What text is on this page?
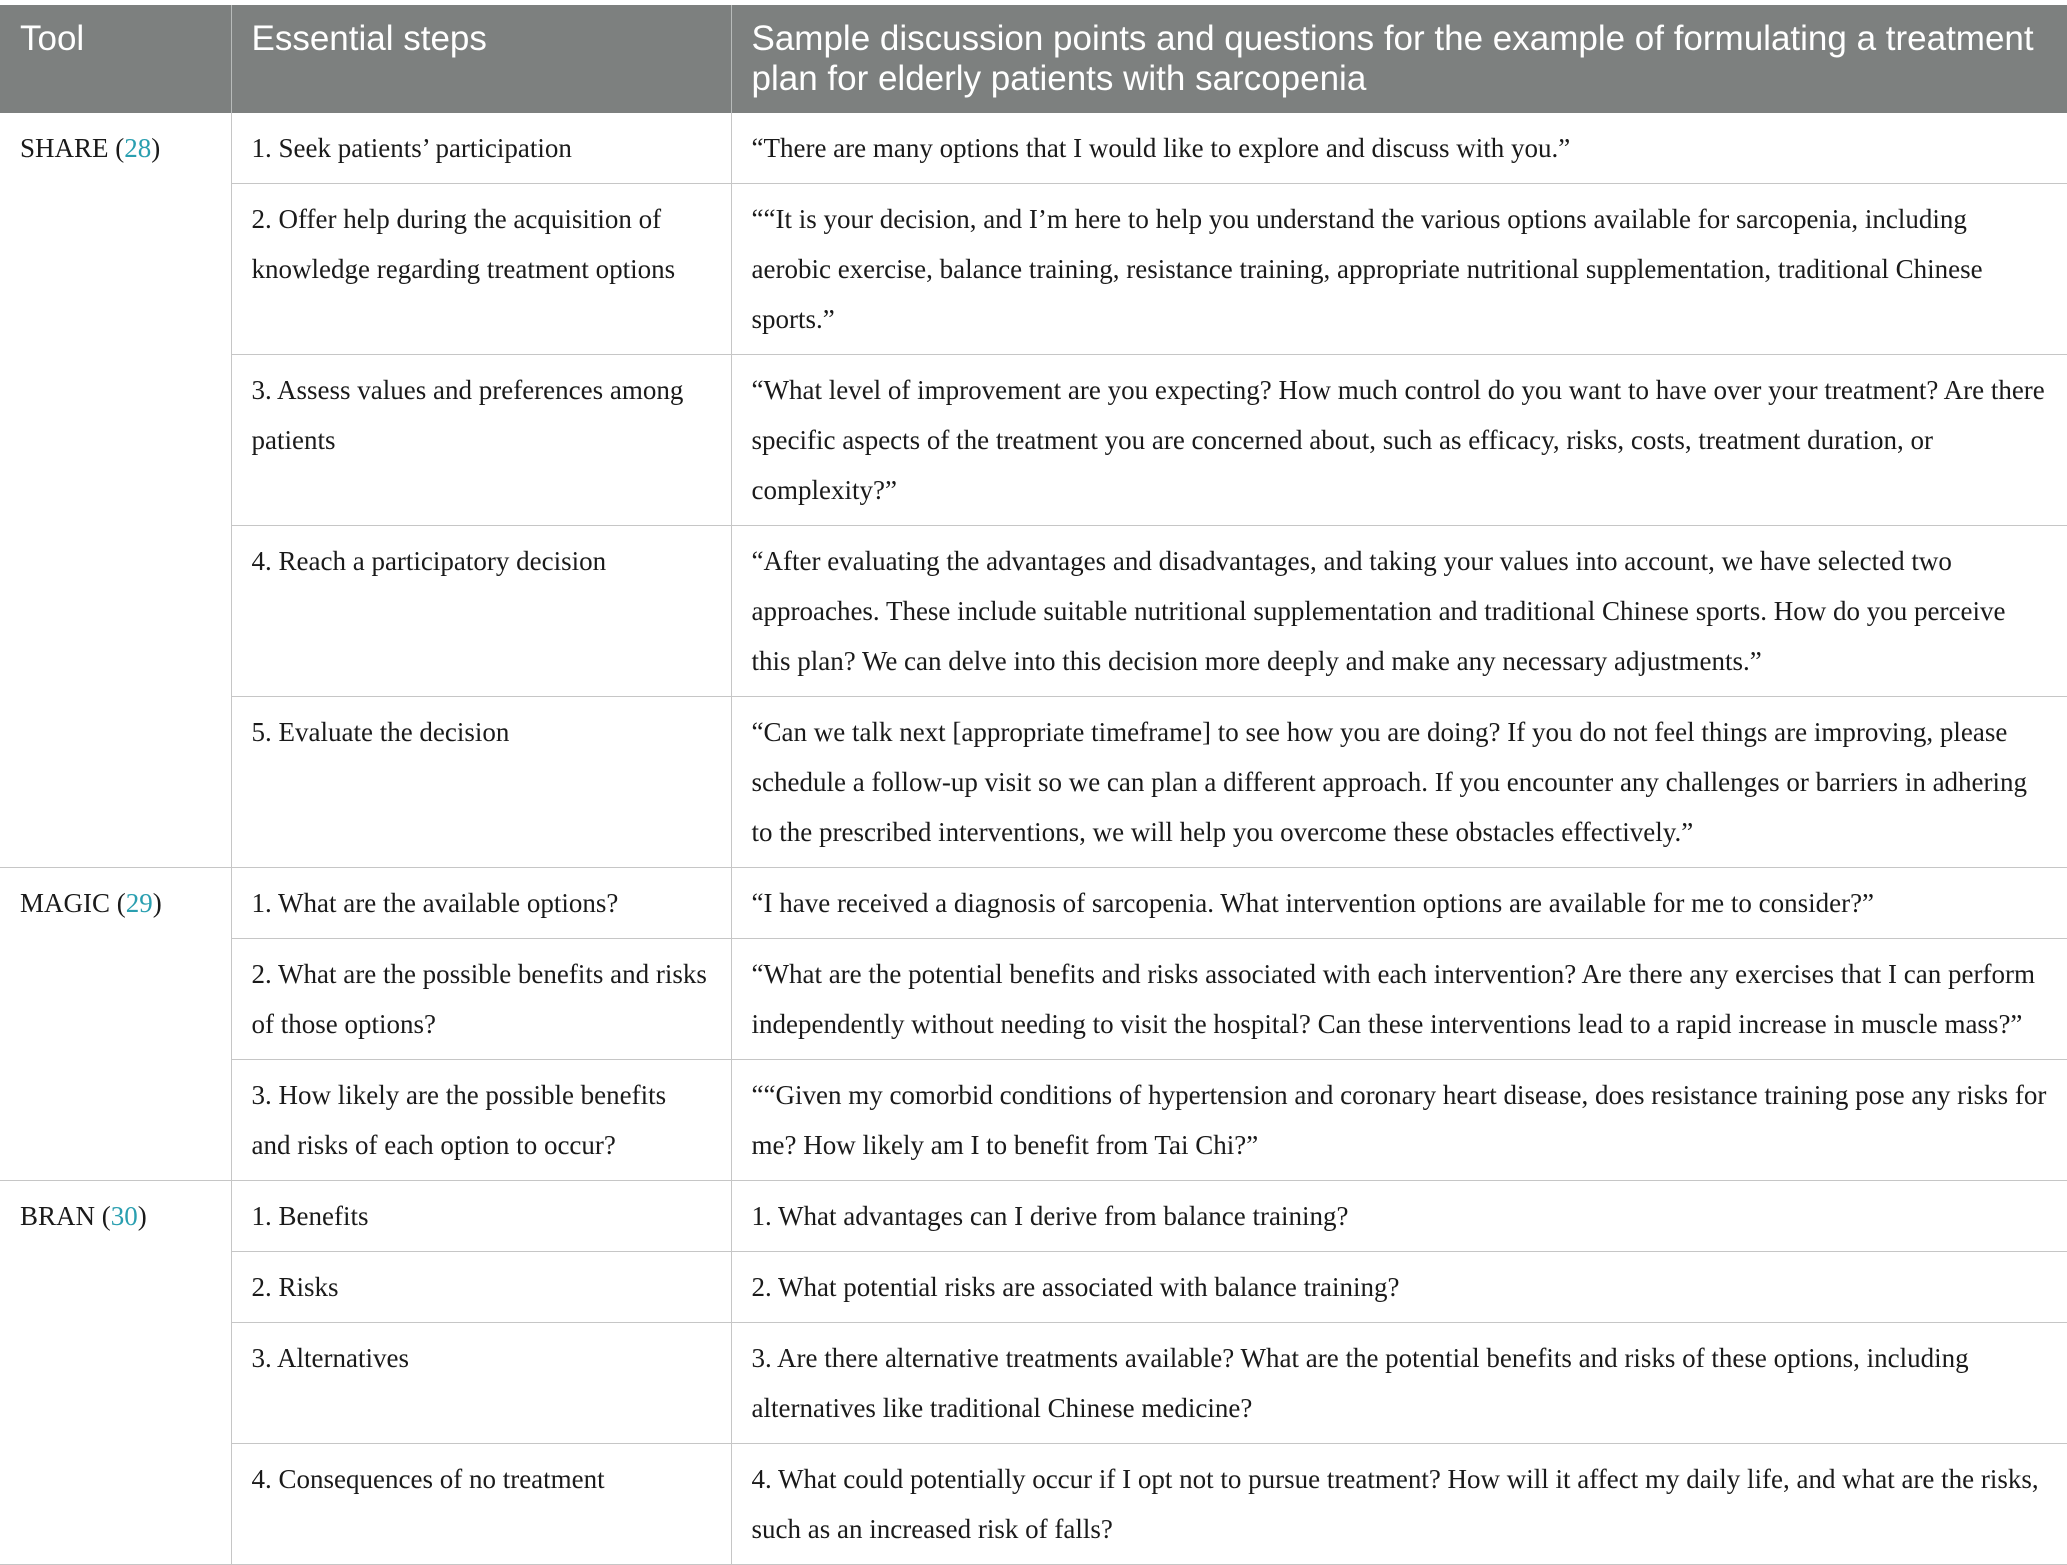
Tool	Essential steps	Sample discussion points and questions for the example of formulating a treatment plan for elderly patients with sarcopenia
SHARE (28)	1. Seek patients’ participation	“There are many options that I would like to explore and discuss with you.”
	2. Offer help during the acquisition of knowledge regarding treatment options	““It is your decision, and I’m here to help you understand the various options available for sarcopenia, including aerobic exercise, balance training, resistance training, appropriate nutritional supplementation, traditional Chinese sports.”
	3. Assess values and preferences among patients	“What level of improvement are you expecting? How much control do you want to have over your treatment? Are there specific aspects of the treatment you are concerned about, such as efficacy, risks, costs, treatment duration, or complexity?”
	4. Reach a participatory decision	“After evaluating the advantages and disadvantages, and taking your values into account, we have selected two approaches. These include suitable nutritional supplementation and traditional Chinese sports. How do you perceive this plan? We can delve into this decision more deeply and make any necessary adjustments.”
	5. Evaluate the decision	“Can we talk next [appropriate timeframe] to see how you are doing? If you do not feel things are improving, please schedule a follow-up visit so we can plan a different approach. If you encounter any challenges or barriers in adhering to the prescribed interventions, we will help you overcome these obstacles effectively.”
MAGIC (29)	1. What are the available options?	“I have received a diagnosis of sarcopenia. What intervention options are available for me to consider?”
	2. What are the possible benefits and risks of those options?	“What are the potential benefits and risks associated with each intervention? Are there any exercises that I can perform independently without needing to visit the hospital? Can these interventions lead to a rapid increase in muscle mass?”
	3. How likely are the possible benefits and risks of each option to occur?	““Given my comorbid conditions of hypertension and coronary heart disease, does resistance training pose any risks for me? How likely am I to benefit from Tai Chi?”
BRAN (30)	1. Benefits	1. What advantages can I derive from balance training?
	2. Risks	2. What potential risks are associated with balance training?
	3. Alternatives	3. Are there alternative treatments available? What are the potential benefits and risks of these options, including alternatives like traditional Chinese medicine?
	4. Consequences of no treatment	4. What could potentially occur if I opt not to pursue treatment? How will it affect my daily life, and what are the risks, such as an increased risk of falls?
